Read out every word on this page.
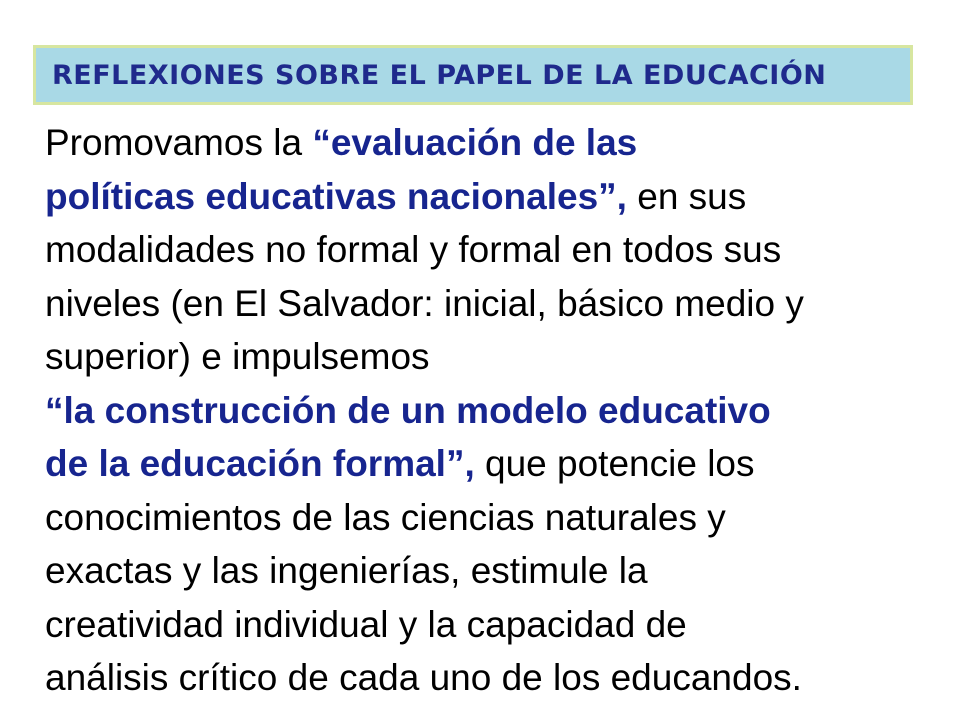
REFLEXIONES SOBRE EL PAPEL DE LA EDUCACIÓN
Promovamos la “evaluación de las
políticas educativas nacionales”, en sus
modalidades no formal y formal en todos sus
niveles (en El Salvador: inicial, básico medio y
superior) e impulsemos
“la construcción de un modelo educativo
de la educación formal”, que potencie los
conocimientos de las ciencias naturales y
exactas y las ingenierías, estimule la
creatividad individual y la capacidad de
análisis crítico de cada uno de los educandos.
